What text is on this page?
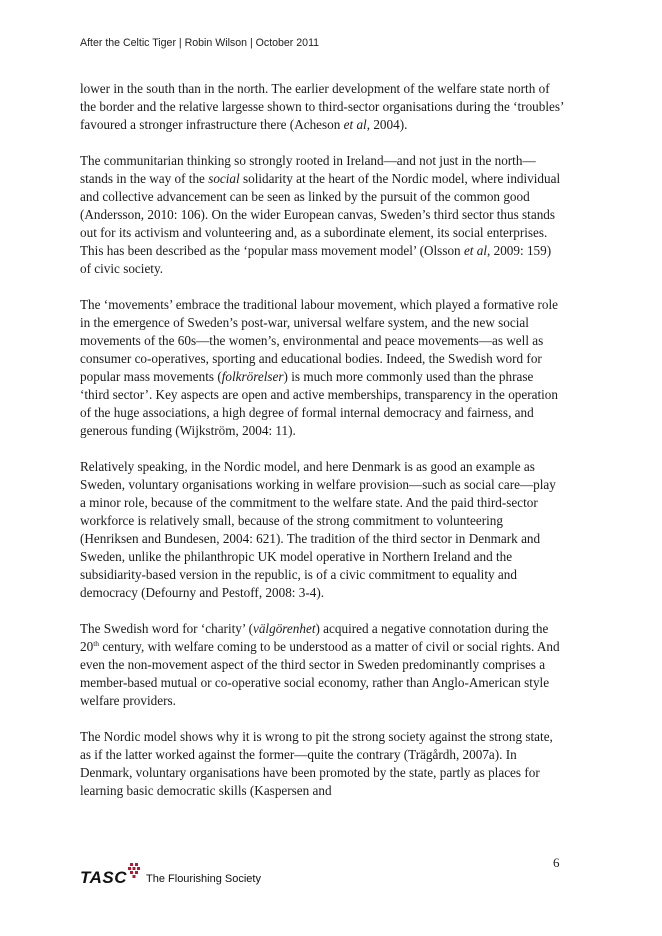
After the Celtic Tiger | Robin Wilson | October 2011

lower in the south than in the north. The earlier development of the welfare state north of the border and the relative largesse shown to third-sector organisations during the ‘troubles’ favoured a stronger infrastructure there (Acheson et al, 2004).

The communitarian thinking so strongly rooted in Ireland—and not just in the north—stands in the way of the social solidarity at the heart of the Nordic model, where individual and collective advancement can be seen as linked by the pursuit of the common good (Andersson, 2010: 106). On the wider European canvas, Sweden’s third sector thus stands out for its activism and volunteering and, as a subordinate element, its social enterprises. This has been described as the ‘popular mass movement model’ (Olsson et al, 2009: 159) of civic society.

The ‘movements’ embrace the traditional labour movement, which played a formative role in the emergence of Sweden’s post-war, universal welfare system, and the new social movements of the 60s—the women’s, environmental and peace movements—as well as consumer co-operatives, sporting and educational bodies. Indeed, the Swedish word for popular mass movements (folkrörelser) is much more commonly used than the phrase ‘third sector’. Key aspects are open and active memberships, transparency in the operation of the huge associations, a high degree of formal internal democracy and fairness, and generous funding (Wijkström, 2004: 11).

Relatively speaking, in the Nordic model, and here Denmark is as good an example as Sweden, voluntary organisations working in welfare provision—such as social care—play a minor role, because of the commitment to the welfare state. And the paid third-sector workforce is relatively small, because of the strong commitment to volunteering (Henriksen and Bundesen, 2004: 621). The tradition of the third sector in Denmark and Sweden, unlike the philanthropic UK model operative in Northern Ireland and the subsidiarity-based version in the republic, is of a civic commitment to equality and democracy (Defourny and Pestoff, 2008: 3-4).

The Swedish word for ‘charity’ (välgörenhet) acquired a negative connotation during the 20th century, with welfare coming to be understood as a matter of civil or social rights. And even the non-movement aspect of the third sector in Sweden predominantly comprises a member-based mutual or co-operative social economy, rather than Anglo-American style welfare providers.

The Nordic model shows why it is wrong to pit the strong society against the strong state, as if the latter worked against the former—quite the contrary (Trägårdh, 2007a). In Denmark, voluntary organisations have been promoted by the state, partly as places for learning basic democratic skills (Kaspersen and

6
TASC The Flourishing Society
